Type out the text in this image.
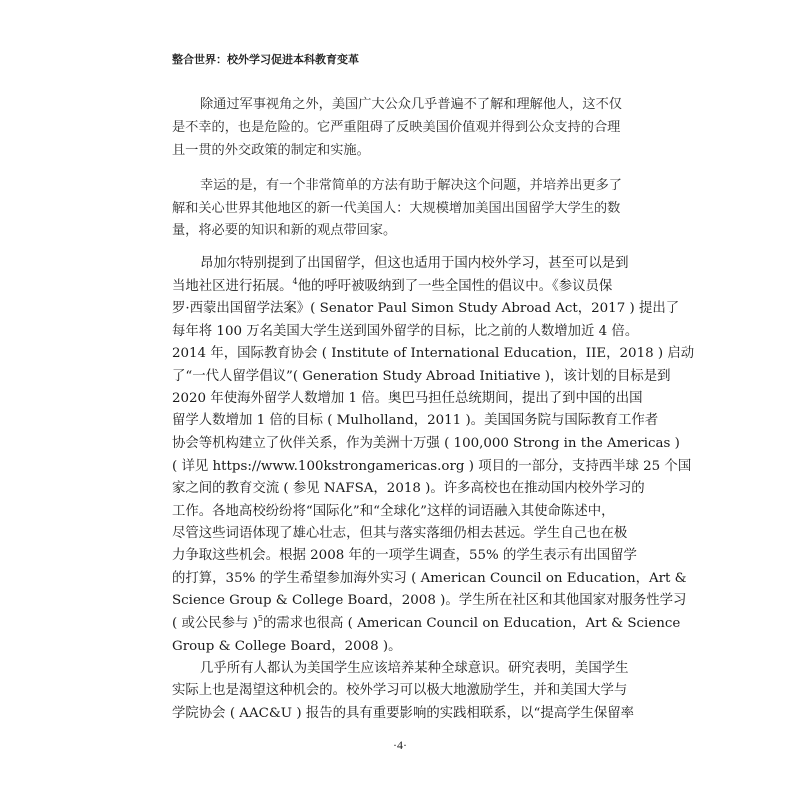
整合世界：校外学习促进本科教育变革
除通过军事视角之外，美国广大公众几乎普遍不了解和理解他人，这不仅
是不幸的，也是危险的。它严重阻碍了反映美国价值观并得到公众支持的合理
且一贯的外交政策的制定和实施。
幸运的是，有一个非常简单的方法有助于解决这个问题，并培养出更多了
解和关心世界其他地区的新一代美国人：大规模增加美国出国留学大学生的数
量，将必要的知识和新的观点带回家。
昂加尔特别提到了出国留学，但这也适用于国内校外学习，甚至可以是到
当地社区进行拓展。$^4$他的呼吁被吸纳到了一些全国性的倡议中。《参议员保
罗·西蒙出国留学法案》( Senator Paul Simon Study Abroad Act，2017 ) 提出了
每年将 100 万名美国大学生送到国外留学的目标，比之前的人数增加近 4 倍。
2014 年，国际教育协会 ( Institute of International Education，IIE，2018 ) 启动
了“一代人留学倡议”( Generation Study Abroad Initiative )，该计划的目标是到
2020 年使海外留学人数增加 1 倍。奥巴马担任总统期间，提出了到中国的出国
留学人数增加 1 倍的目标 ( Mulholland，2011 )。美国国务院与国际教育工作者
协会等机构建立了伙伴关系，作为美洲十万强 ( 100,000 Strong in the Americas )
( 详见 https://www.100kstrongamericas.org ) 项目的一部分，支持西半球 25 个国
家之间的教育交流 ( 参见 NAFSA，2018 )。许多高校也在推动国内校外学习的
工作。各地高校纷纷将“国际化”和“全球化”这样的词语融入其使命陈述中，
尽管这些词语体现了雄心壮志，但其与落实落细仍相去甚远。学生自己也在极
力争取这些机会。根据 2008 年的一项学生调查，55% 的学生表示有出国留学
的打算，35% 的学生希望参加海外实习 ( American Council on Education，Art &
Science Group & College Board，2008 )。学生所在社区和其他国家对服务性学习
( 或公民参与 )$^5$的需求也很高 ( American Council on Education，Art & Science
Group & College Board，2008 )。
几乎所有人都认为美国学生应该培养某种全球意识。研究表明，美国学生
实际上也是渴望这种机会的。校外学习可以极大地激励学生，并和美国大学与
学院协会 ( AAC&U ) 报告的具有重要影响的实践相联系，以“提高学生保留率
·4·
